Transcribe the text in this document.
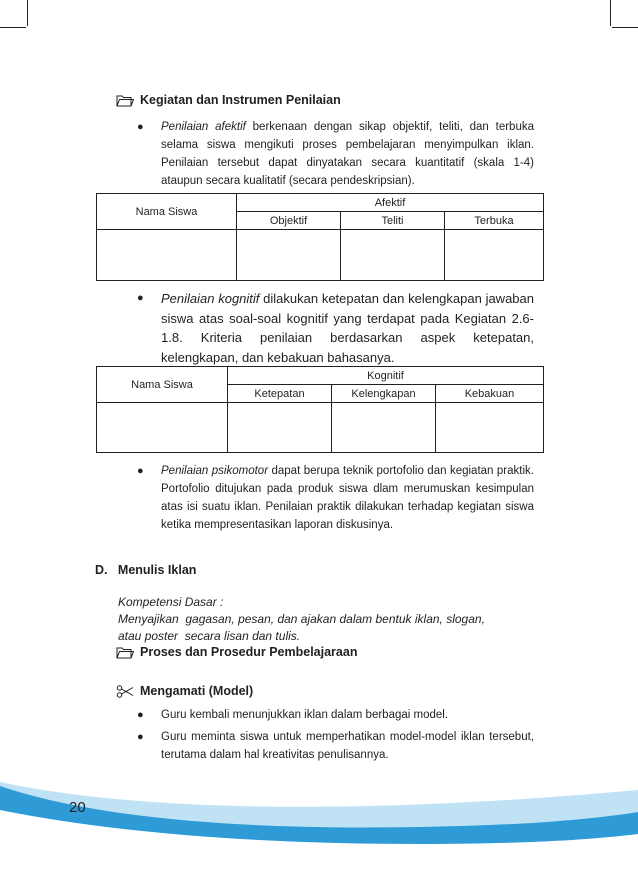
Kegiatan dan Instrumen Penilaian
● Penilaian afektif berkenaan dengan sikap objektif, teliti, dan terbuka selama siswa mengikuti proses pembelajaran menyimpulkan iklan. Penilaian tersebut dapat dinyatakan secara kuantitatif (skala 1-4) ataupun secara kualitatif (secara pendeskripsian).
Nama Siswa	Afektif		
	Objektif	Teliti	Terbuka

● Penilaian kognitif dilakukan ketepatan dan kelengkapan jawaban siswa atas soal-soal kognitif yang terdapat pada Kegiatan 2.6-1.8. Kriteria penilaian berdasarkan aspek ketepatan, kelengkapan, dan kebakuan bahasanya.
Nama Siswa	Kognitif		
	Ketepatan	Kelengkapan	Kebakuan

● Penilaian psikomotor dapat berupa teknik portofolio dan kegiatan praktik. Portofolio ditujukan pada produk siswa dlam merumuskan kesimpulan atas isi suatu iklan. Penilaian praktik dilakukan terhadap kegiatan siswa ketika mempresentasikan laporan diskusinya.
D.   Menulis Iklan
Kompetensi Dasar :
Menyajikan  gagasan, pesan, dan ajakan dalam bentuk iklan, slogan,
atau poster  secara lisan dan tulis.
Proses dan Prosedur Pembelajaraan
Mengamati (Model)
● Guru kembali menunjukkan iklan dalam berbagai model.
● Guru meminta siswa untuk memperhatikan model-model iklan tersebut, terutama dalam hal kreativitas penulisannya.
20
